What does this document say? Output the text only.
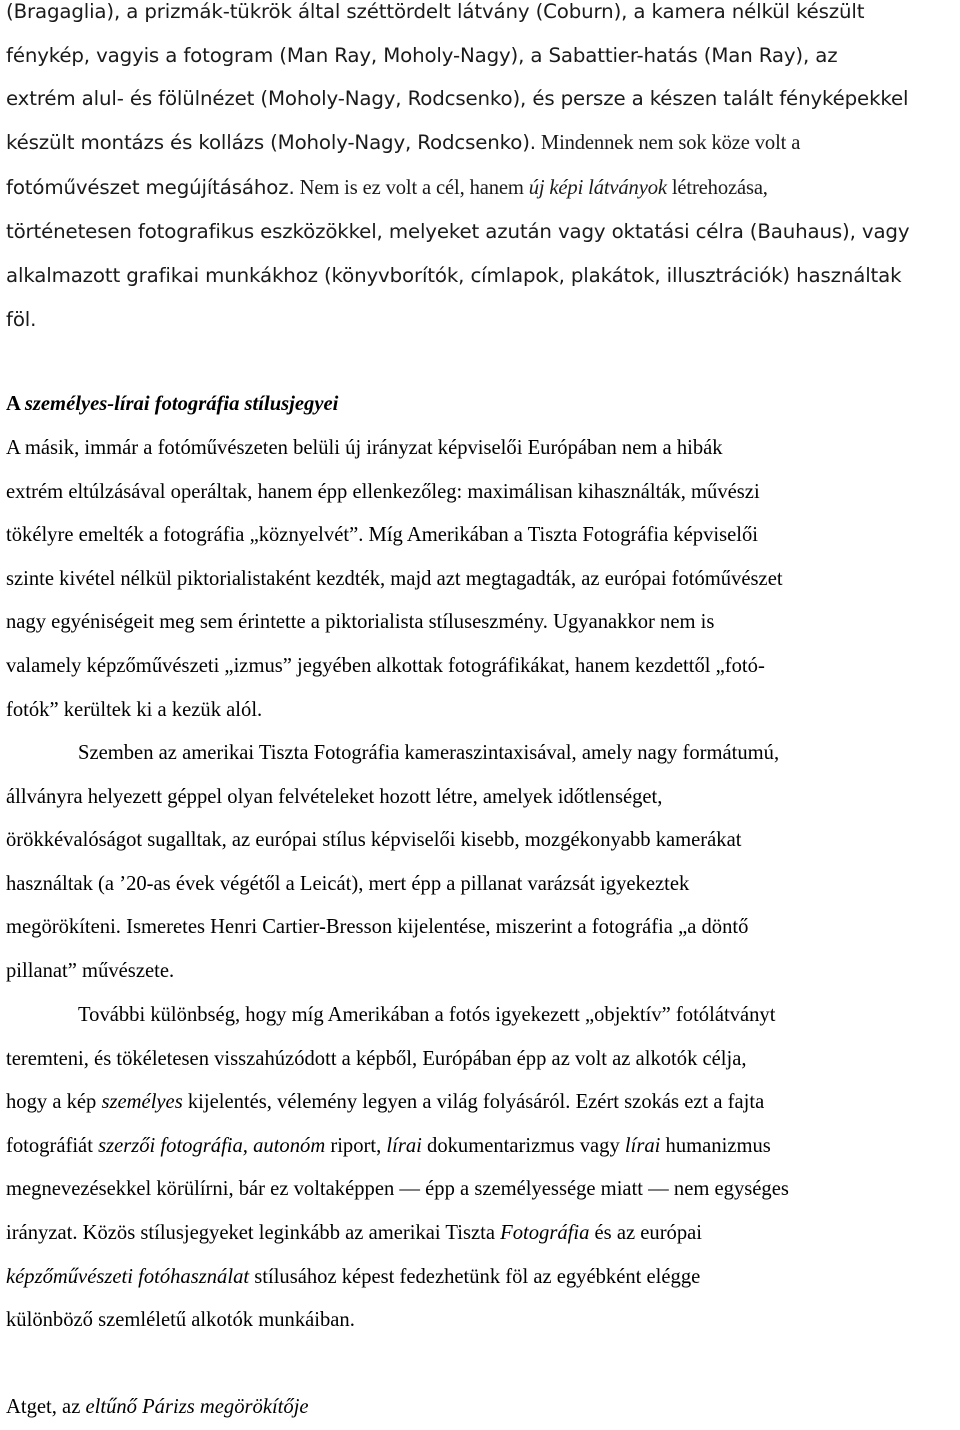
(Bragaglia), a prizmák-tükrök által széttördelt látvány (Coburn), a kamera nélkül készült
fénykép, vagyis a fotogram (Man Ray, Moholy-Nagy), a Sabattier-hatás (Man Ray), az
extrém alul- és fölülnézet (Moholy-Nagy, Rodcsenko), és persze a készen talált fényképekkel
készült montázs és kollázs (Moholy-Nagy, Rodcsenko). Mindennek nem sok köze volt a
fotóművészet megújításához. Nem is ez volt a cél, hanem új képi látványok létrehozása,
történetesen fotografikus eszközökkel, melyeket azután vagy oktatási célra (Bauhaus), vagy
alkalmazott grafikai munkákhoz (könyvborítók, címlapok, plakátok, illusztrációk) használtak
föl.
A személyes-lírai fotográfia stílusjegyei
A másik, immár a fotóművészeten belüli új irányzat képviselői Európában nem a hibák
extrém eltúlzásával operáltak, hanem épp ellenkezőleg: maximálisan kihasználták, művészi
tökélyre emelték a fotográfia „köznyelvét”. Míg Amerikában a Tiszta Fotográfia képviselői
szinte kivétel nélkül piktorialistaként kezdték, majd azt megtagadták, az európai fotóművészet
nagy egyéniségeit meg sem érintette a piktorialista stíluseszmény. Ugyanakkor nem is
valamely képzőművészeti „izmus” jegyében alkottak fotográfikákat, hanem kezdettől „fotó-
fotók” kerültek ki a kezük alól.
Szemben az amerikai Tiszta Fotográfia kameraszintaxisával, amely nagy formátumú,
állványra helyezett géppel olyan felvételeket hozott létre, amelyek időtlenséget,
örökkévalóságot sugalltak, az európai stílus képviselői kisebb, mozgékonyabb kamerákat
használtak (a ’20-as évek végétől a Leicát), mert épp a pillanat varázsát igyekeztek
megörökíteni. Ismeretes Henri Cartier-Bresson kijelentése, miszerint a fotográfia „a döntő
pillanat” művészete.
További különbség, hogy míg Amerikában a fotós igyekezett „objektív” fotólátványt
teremteni, és tökéletesen visszahúzódott a képből, Európában épp az volt az alkotók célja,
hogy a kép személyes kijelentés, vélemény legyen a világ folyásáról. Ezért szokás ezt a fajta
fotográfiát szerzői fotográfia, autonóm riport, lírai dokumentarizmus vagy lírai humanizmus
megnevezésekkel körülírni, bár ez voltaképpen — épp a személyessége miatt — nem egységes
irányzat. Közös stílusjegyeket leginkább az amerikai Tiszta Fotográfia és az európai
képzőművészeti fotóhasználat stílusához képest fedezhetünk föl az egyébként elégge
különböző szemléletű alkotók munkáiban.
Atget, az eltűnő Párizs megörökítője
